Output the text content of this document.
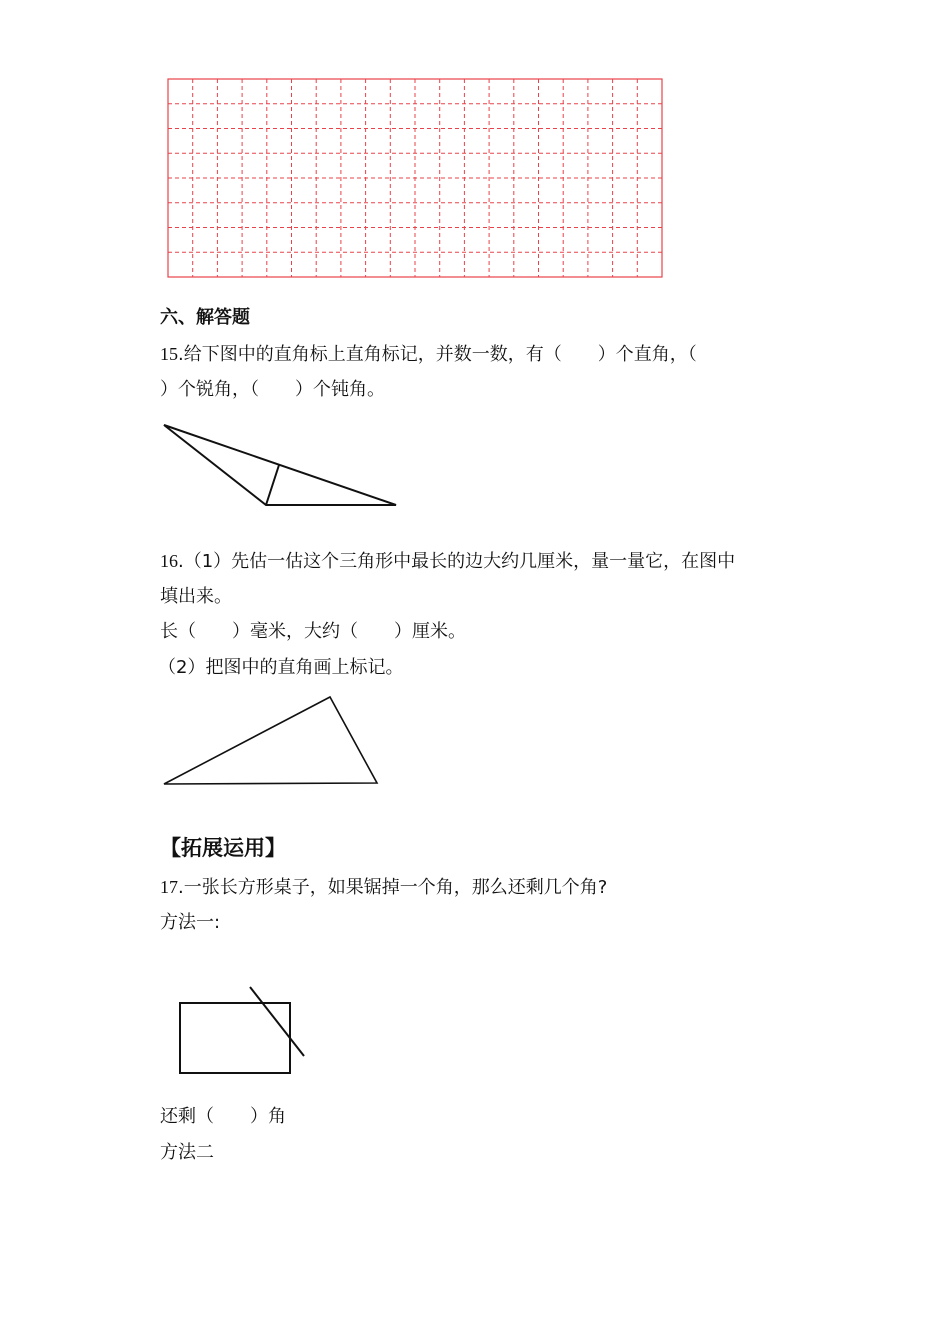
六、解答题
15.给下图中的直角标上直角标记，并数一数，有（　　）个直角，（
）个锐角，（　　）个钝角。
16.（1）先估一估这个三角形中最长的边大约几厘米，量一量它，在图中
填出来。
长（　　）毫米，大约（　　）厘米。
（2）把图中的直角画上标记。
【拓展运用】
17.一张长方形桌子，如果锯掉一个角，那么还剩几个角?
方法一:
还剩（　　）角
方法二
